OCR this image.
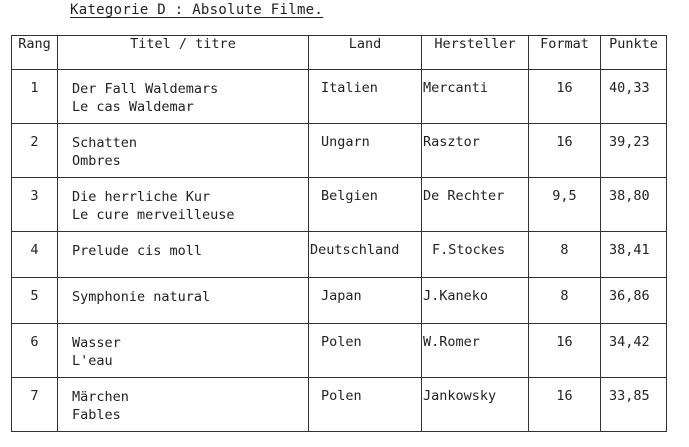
Kategorie D : Absolute Filme.
Rang	Titel / titre	Land	Hersteller	Format	Punkte

1	Der Fall Waldemars
Le cas Waldemar	Italien	Mercanti	16	40,33

2	Schatten
Ombres	Ungarn	Rasztor	16	39,23

3	Die herrliche Kur
Le cure merveilleuse	Belgien	De Rechter	9,5	38,80

4	Prelude cis moll	Deutschland	F.Stockes	8	38,41

5	Symphonie natural	Japan	J.Kaneko	8	36,86

6	Wasser
L'eau	Polen	W.Romer	16	34,42

7	Märchen
Fables	Polen	Jankowsky	16	33,85
